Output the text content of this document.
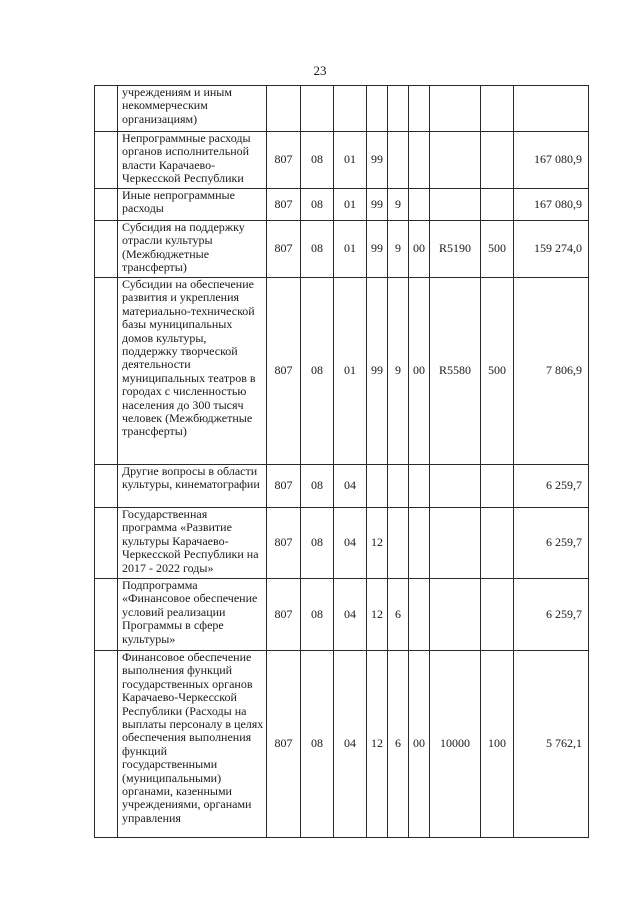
23
	учреждениям и иным некоммерческим организациям)									
	Непрограммные расходы органов исполнительной власти Карачаево-Черкесской Республики	807	08	01	99					167 080,9
	Иные непрограммные расходы	807	08	01	99	9				167 080,9
	Субсидия на поддержку отрасли культуры (Межбюджетные трансферты)	807	08	01	99	9	00	R5190	500	159 274,0
	Субсидии на обеспечение развития и укрепления материально-технической базы муниципальных домов культуры, поддержку творческой деятельности муниципальных театров в городах с численностью населения до 300 тысяч человек (Межбюджетные трансферты)	807	08	01	99	9	00	R5580	500	7 806,9
	Другие вопросы в области культуры, кинематографии	807	08	04						6 259,7
	Государственная программа «Развитие культуры Карачаево-Черкесской Республики на 2017 - 2022 годы»	807	08	04	12					6 259,7
	Подпрограмма «Финансовое обеспечение условий реализации Программы в сфере культуры»	807	08	04	12	6				6 259,7
	Финансовое обеспечение выполнения функций государственных органов Карачаево-Черкесской Республики (Расходы на выплаты персоналу в целях обеспечения выполнения функций государственными (муниципальными) органами, казенными учреждениями, органами управления	807	08	04	12	6	00	10000	100	5 762,1
